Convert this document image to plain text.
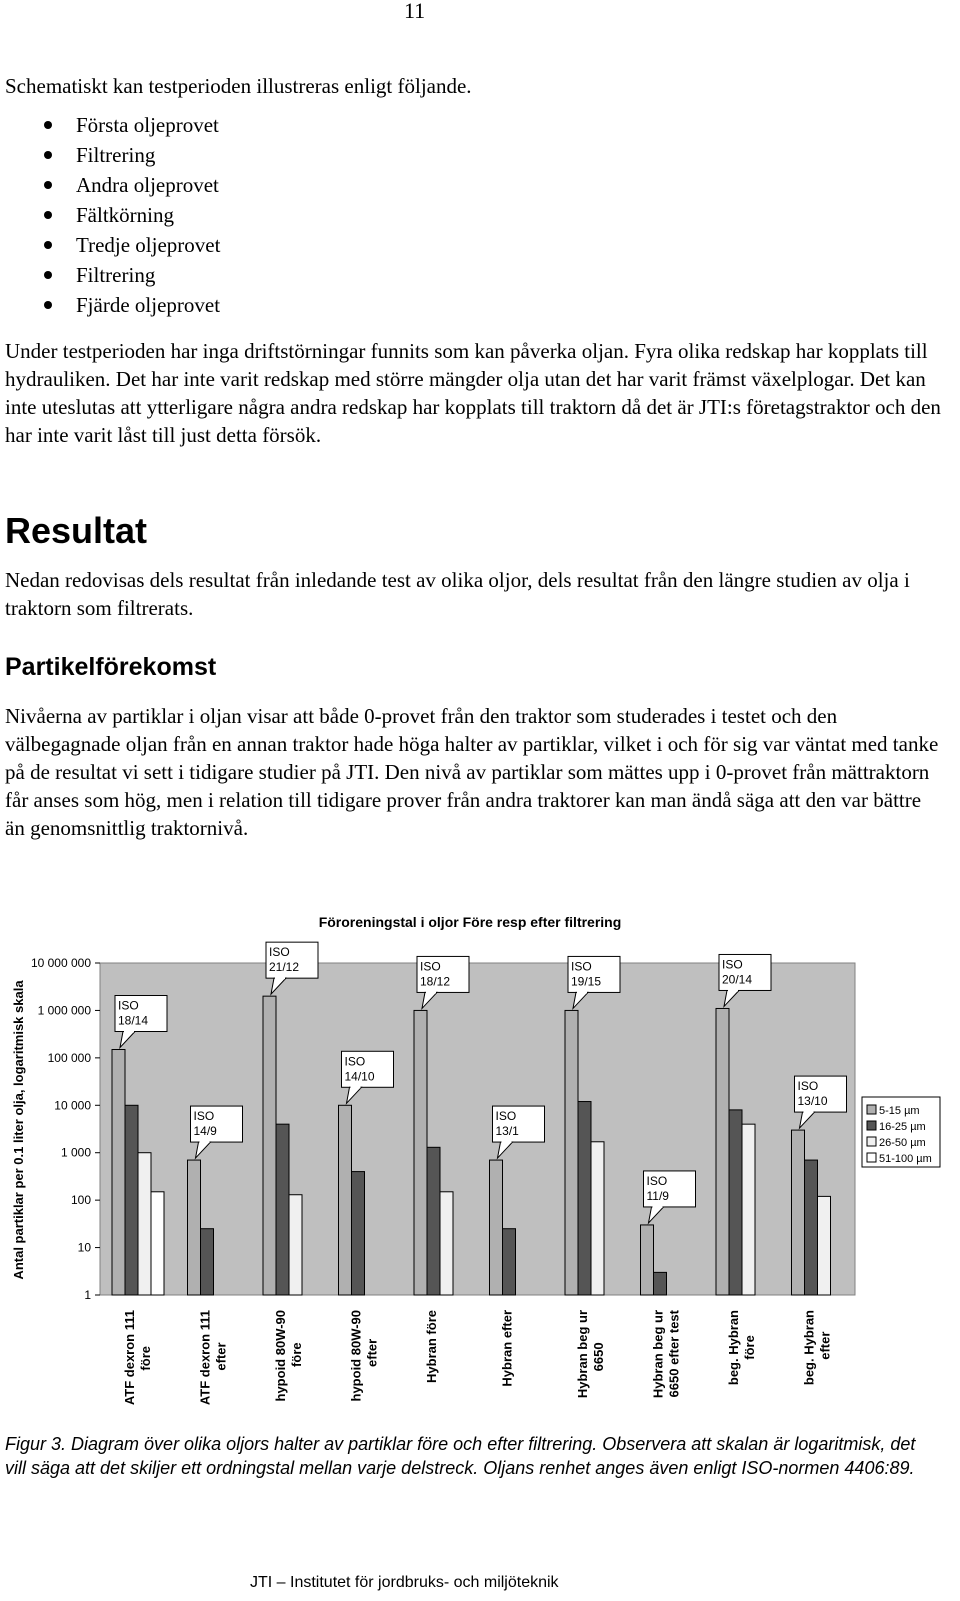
11

Schematiskt kan testperioden illustreras enligt följande.

Första oljeprovet
Filtrering
Andra oljeprovet
Fältkörning
Tredje oljeprovet
Filtrering
Fjärde oljeprovet

Under testperioden har inga driftstörningar funnits som kan påverka oljan. Fyra olika redskap har kopplats till hydrauliken. Det har inte varit redskap med större mängder olja utan det har varit främst växelplogar. Det kan inte uteslutas att ytterligare några andra redskap har kopplats till traktorn då det är JTI:s företagstraktor och den har inte varit låst till just detta försök.

Resultat

Nedan redovisas dels resultat från inledande test av olika oljor, dels resultat från den längre studien av olja i traktorn som filtrerats.

Partikelförekomst

Nivåerna av partiklar i oljan visar att både 0-provet från den traktor som studerades i testet och den välbegagnade oljan från en annan traktor hade höga halter av partiklar, vilket i och för sig var väntat med tanke på de resultat vi sett i tidigare studier på JTI. Den nivå av partiklar som mättes upp i 0-provet från mättraktorn får anses som hög, men i relation till tidigare prover från andra traktorer kan man ändå säga att den var bättre än genomsnittlig traktornivå.

Föroreningstal i oljor Före resp efter filtrering
1
10
100
1 000
10 000
100 000
1 000 000
10 000 000
Antal partiklar per 0.1 liter olja, logaritmisk skala
ATF dexron 111före
ISO
18/14
ATF dexron 111efter
ISO
14/9
hypoid 80W-90före
ISO
21/12
hypoid 80W-90efter
ISO
14/10
Hybran före
ISO
18/12
Hybran efter
ISO
13/1
Hybran beg ur6650
ISO
19/15
Hybran beg ur6650 efter test
ISO
11/9
beg. Hybranföre
ISO
20/14
beg. Hybranefter
ISO
13/10
5-15 µm
16-25 µm
26-50 µm
51-100 µm

Figur 3. Diagram över olika oljors halter av partiklar före och efter filtrering. Observera att skalan är logaritmisk, det vill säga att det skiljer ett ordningstal mellan varje delstreck. Oljans renhet anges även enligt ISO-normen 4406:89.

JTI – Institutet för jordbruks- och miljöteknik
